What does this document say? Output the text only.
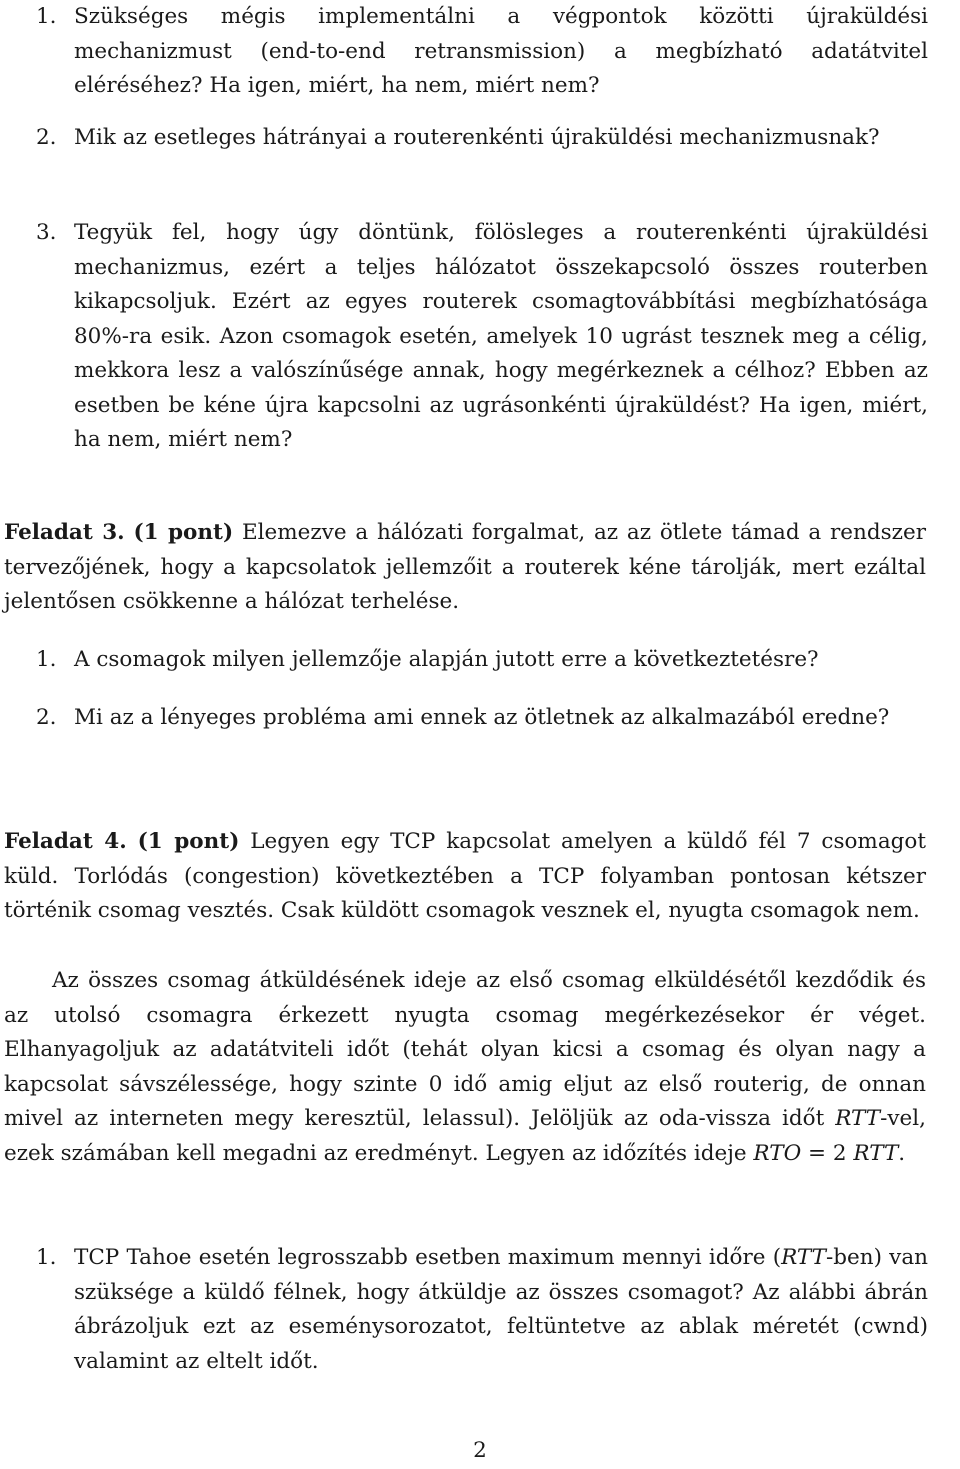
1. Szükséges mégis implementálni a végpontok közötti újraküldési mechanizmust (end-to-end retransmission) a megbízható adatátvitel eléréséhez? Ha igen, miért, ha nem, miért nem?
2. Mik az esetleges hátrányai a routerenkénti újraküldési mechanizmusnak?
3. Tegyük fel, hogy úgy döntünk, fölösleges a routerenkénti újraküldési mechanizmus, ezért a teljes hálózatot összekapcsoló összes routerben kikapcsoljuk. Ezért az egyes routerek csomagtovábbítási megbízhatósága 80%-ra esik. Azon csomagok esetén, amelyek 10 ugrást tesznek meg a célig, mekkora lesz a valószínűsége annak, hogy megérkeznek a célhoz? Ebben az esetben be kéne újra kapcsolni az ugrásonkénti újraküldést? Ha igen, miért, ha nem, miért nem?
Feladat 3. (1 pont) Elemezve a hálózati forgalmat, az az ötlete támad a rendszer tervezőjének, hogy a kapcsolatok jellemzőit a routerek kéne tárolják, mert ezáltal jelentősen csökkenne a hálózat terhelése.
1. A csomagok milyen jellemzője alapján jutott erre a következtetésre?
2. Mi az a lényeges probléma ami ennek az ötletnek az alkalmazából eredne?
Feladat 4. (1 pont) Legyen egy TCP kapcsolat amelyen a küldő fél 7 csomagot küld. Torlódás (congestion) következtében a TCP folyamban pontosan kétszer történik csomag vesztés. Csak küldött csomagok vesznek el, nyugta csomagok nem.
Az összes csomag átküldésének ideje az első csomag elküldésétől kezdődik és az utolsó csomagra érkezett nyugta csomag megérkezésekor ér véget. Elhanyagoljuk az adatátviteli időt (tehát olyan kicsi a csomag és olyan nagy a kapcsolat sávszélessége, hogy szinte 0 idő amig eljut az első routerig, de onnan mivel az interneten megy keresztül, lelassul). Jelöljük az oda-vissza időt RTT-vel, ezek számában kell megadni az eredményt. Legyen az időzítés ideje RTO = 2 RTT.
1. TCP Tahoe esetén legrosszabb esetben maximum mennyi időre (RTT-ben) van szüksége a küldő félnek, hogy átküldje az összes csomagot? Az alábbi ábrán ábrázoljuk ezt az eseménysorozatot, feltüntetve az ablak méretét (cwnd) valamint az eltelt időt.
2
